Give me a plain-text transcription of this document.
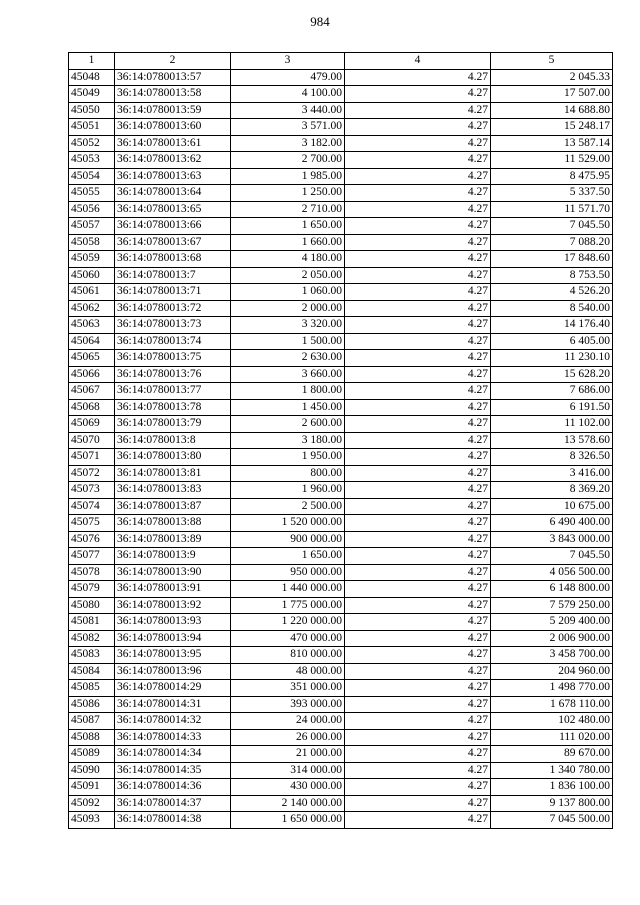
984
1	2	3	4	5
45048	36:14:0780013:57	479.00	4.27	2 045.33
45049	36:14:0780013:58	4 100.00	4.27	17 507.00
45050	36:14:0780013:59	3 440.00	4.27	14 688.80
45051	36:14:0780013:60	3 571.00	4.27	15 248.17
45052	36:14:0780013:61	3 182.00	4.27	13 587.14
45053	36:14:0780013:62	2 700.00	4.27	11 529.00
45054	36:14:0780013:63	1 985.00	4.27	8 475.95
45055	36:14:0780013:64	1 250.00	4.27	5 337.50
45056	36:14:0780013:65	2 710.00	4.27	11 571.70
45057	36:14:0780013:66	1 650.00	4.27	7 045.50
45058	36:14:0780013:67	1 660.00	4.27	7 088.20
45059	36:14:0780013:68	4 180.00	4.27	17 848.60
45060	36:14:0780013:7	2 050.00	4.27	8 753.50
45061	36:14:0780013:71	1 060.00	4.27	4 526.20
45062	36:14:0780013:72	2 000.00	4.27	8 540.00
45063	36:14:0780013:73	3 320.00	4.27	14 176.40
45064	36:14:0780013:74	1 500.00	4.27	6 405.00
45065	36:14:0780013:75	2 630.00	4.27	11 230.10
45066	36:14:0780013:76	3 660.00	4.27	15 628.20
45067	36:14:0780013:77	1 800.00	4.27	7 686.00
45068	36:14:0780013:78	1 450.00	4.27	6 191.50
45069	36:14:0780013:79	2 600.00	4.27	11 102.00
45070	36:14:0780013:8	3 180.00	4.27	13 578.60
45071	36:14:0780013:80	1 950.00	4.27	8 326.50
45072	36:14:0780013:81	800.00	4.27	3 416.00
45073	36:14:0780013:83	1 960.00	4.27	8 369.20
45074	36:14:0780013:87	2 500.00	4.27	10 675.00
45075	36:14:0780013:88	1 520 000.00	4.27	6 490 400.00
45076	36:14:0780013:89	900 000.00	4.27	3 843 000.00
45077	36:14:0780013:9	1 650.00	4.27	7 045.50
45078	36:14:0780013:90	950 000.00	4.27	4 056 500.00
45079	36:14:0780013:91	1 440 000.00	4.27	6 148 800.00
45080	36:14:0780013:92	1 775 000.00	4.27	7 579 250.00
45081	36:14:0780013:93	1 220 000.00	4.27	5 209 400.00
45082	36:14:0780013:94	470 000.00	4.27	2 006 900.00
45083	36:14:0780013:95	810 000.00	4.27	3 458 700.00
45084	36:14:0780013:96	48 000.00	4.27	204 960.00
45085	36:14:0780014:29	351 000.00	4.27	1 498 770.00
45086	36:14:0780014:31	393 000.00	4.27	1 678 110.00
45087	36:14:0780014:32	24 000.00	4.27	102 480.00
45088	36:14:0780014:33	26 000.00	4.27	111 020.00
45089	36:14:0780014:34	21 000.00	4.27	89 670.00
45090	36:14:0780014:35	314 000.00	4.27	1 340 780.00
45091	36:14:0780014:36	430 000.00	4.27	1 836 100.00
45092	36:14:0780014:37	2 140 000.00	4.27	9 137 800.00
45093	36:14:0780014:38	1 650 000.00	4.27	7 045 500.00
